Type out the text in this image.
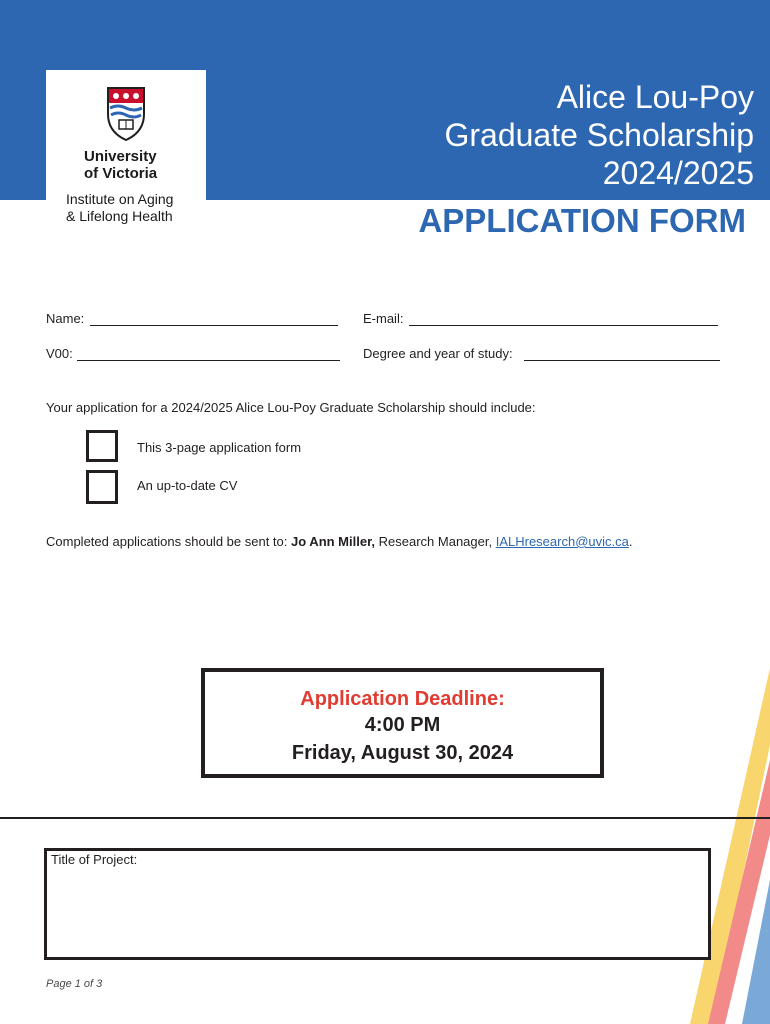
University
of Victoria
Institute on Aging
& Lifelong Health
Alice Lou-Poy
Graduate Scholarship
2024/2025
APPLICATION FORM
Name:	E-mail:
V00:	Degree and year of study:
Your application for a 2024/2025 Alice Lou-Poy Graduate Scholarship should include:
This 3-page application form
An up-to-date CV
Completed applications should be sent to: Jo Ann Miller, Research Manager, IALHresearch@uvic.ca.
Application Deadline:
4:00 PM
Friday, August 30, 2024
Title of Project:
Page 1 of 3
